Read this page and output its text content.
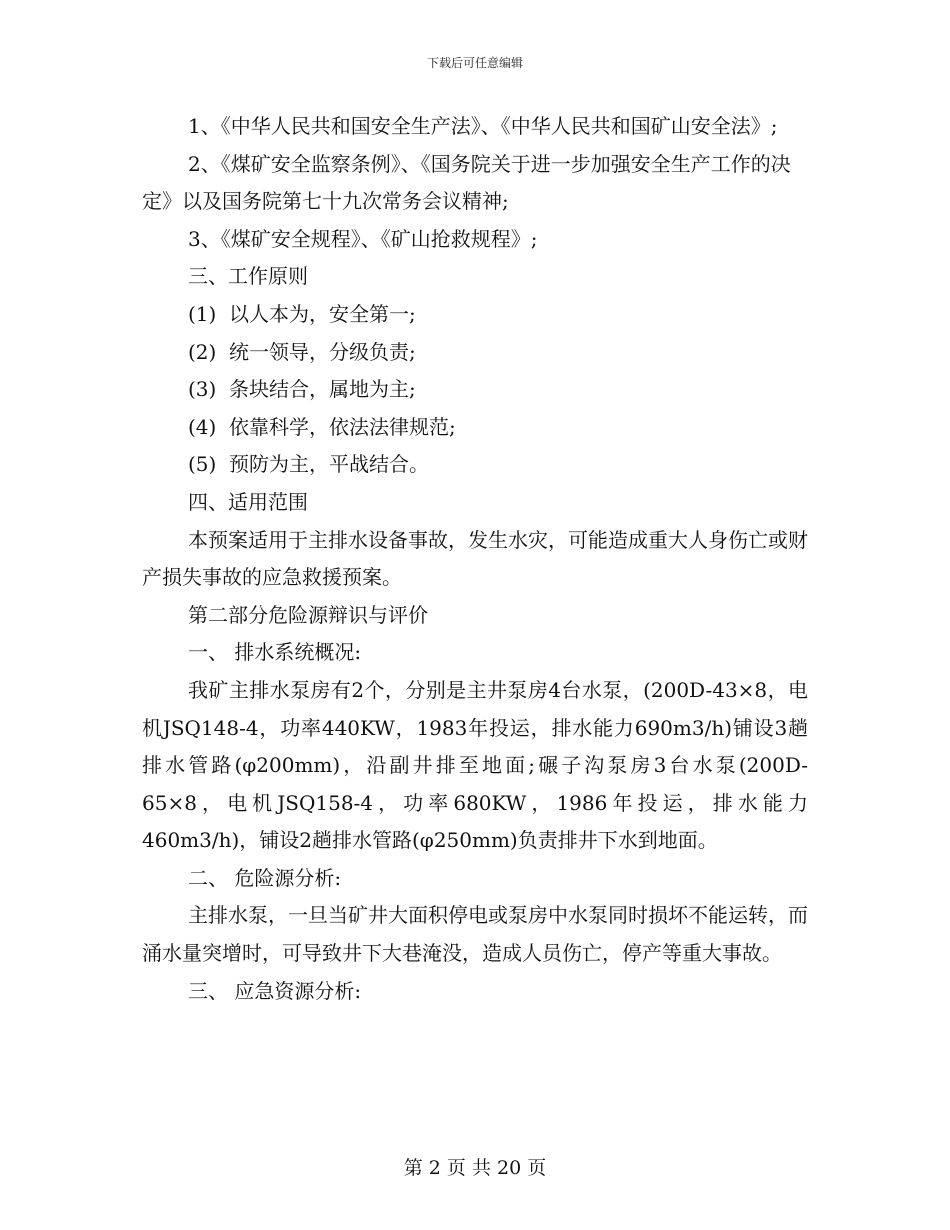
下载后可任意编辑

1、《中华人民共和国安全生产法》、《中华人民共和国矿山安全法》;

2、《煤矿安全监察条例》、《国务院关于进一步加强安全生产工作的决定》以及国务院第七十九次常务会议精神;

3、《煤矿安全规程》、《矿山抢救规程》;

三、工作原则

(1)  以人本为，安全第一;

(2)  统一领导，分级负责;

(3)  条块结合，属地为主;

(4)  依靠科学，依法法律规范;

(5)  预防为主，平战结合。

四、适用范围

本预案适用于主排水设备事故，发生水灾，可能造成重大人身伤亡或财产损失事故的应急救援预案。

第二部分危险源辩识与评价

一、 排水系统概况:

我矿主排水泵房有2个，分别是主井泵房4台水泵，(200D-43×8，电机JSQ148-4，功率440KW，1983年投运，排水能力690m3/h)铺设3趟排水管路(φ200mm)，沿副井排至地面;碾子沟泵房3台水泵(200D-65×8，电机JSQ158-4，功率680KW，1986年投运，排水能力460m3/h)，铺设2趟排水管路(φ250mm)负责排井下水到地面。

二、 危险源分析:

主排水泵，一旦当矿井大面积停电或泵房中水泵同时损坏不能运转，而涌水量突增时，可导致井下大巷淹没，造成人员伤亡，停产等重大事故。

三、 应急资源分析:

第 2 页 共 20 页
